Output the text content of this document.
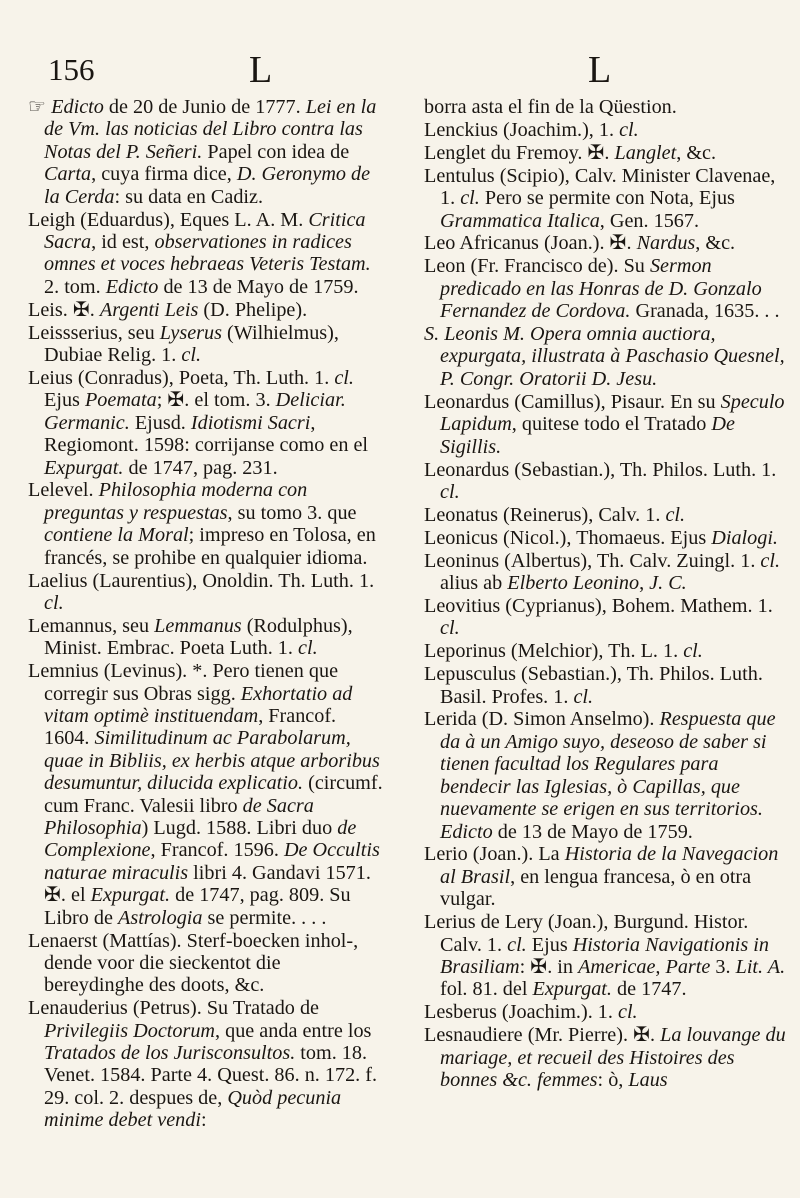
156	L	L

☞ Edicto de 20 de Junio de 1777. Lei en la de Vm. las noticias del Libro contra las Notas del P. Señeri. Papel con idea de Carta, cuya firma dice, D. Geronymo de la Cerda: su data en Cadiz.

Leigh (Eduardus), Eques L. A. M. Critica Sacra, id est, observationes in radices omnes et voces hebraeas Veteris Testam. 2. tom. Edicto de 13 de Mayo de 1759.

Leis. ✠. Argenti Leis (D. Phelipe).

Leissserius, seu Lyserus (Wilhielmus), Dubiae Relig. 1. cl.

Leius (Conradus), Poeta, Th. Luth. 1. cl. Ejus Poemata; ✠. el tom. 3. Deliciar. Germanic. Ejusd. Idiotismi Sacri, Regiomont. 1598: corrijanse como en el Expurgat. de 1747, pag. 231.

Lelevel. Philosophia moderna con preguntas y respuestas, su tomo 3. que contiene la Moral; impreso en Tolosa, en francés, se prohibe en qualquier idioma.

Laelius (Laurentius), Onoldin. Th. Luth. 1. cl.

Lemannus, seu Lemmanus (Rodulphus), Minist. Embrac. Poeta Luth. 1. cl.

Lemnius (Levinus). *. Pero tienen que corregir sus Obras sigg. Exhortatio ad vitam optimè instituendam, Francof. 1604. Similitudinum ac Parabolarum, quae in Bibliis, ex herbis atque arboribus desumuntur, dilucida explicatio. (circumf. cum Franc. Valesii libro de Sacra Philosophia) Lugd. 1588. Libri duo de Complexione, Francof. 1596. De Occultis naturae miraculis libri 4. Gandavi 1571. ✠. el Expurgat. de 1747, pag. 809. Su Libro de Astrologia se permite. . . .

Lenaerst (Mattías). Sterf-boecken inhol-, dende voor die sieckentot die bereydinghe des doots, &c.

Lenauderius (Petrus). Su Tratado de Privilegiis Doctorum, que anda entre los Tratados de los Jurisconsultos. tom. 18. Venet. 1584. Parte 4. Quest. 86. n. 172. f. 29. col. 2. despues de, Quòd pecunia minime debet vendi:

borra asta el fin de la Qüestion.

Lenckius (Joachim.), 1. cl.

Lenglet du Fremoy. ✠. Langlet, &c.

Lentulus (Scipio), Calv. Minister Clavenae, 1. cl. Pero se permite con Nota, Ejus Grammatica Italica, Gen. 1567.

Leo Africanus (Joan.). ✠. Nardus, &c.

Leon (Fr. Francisco de). Su Sermon predicado en las Honras de D. Gonzalo Fernandez de Cordova. Granada, 1635. . .

S. Leonis M. Opera omnia auctiora, expurgata, illustrata à Paschasio Quesnel, P. Congr. Oratorii D. Jesu.

Leonardus (Camillus), Pisaur. En su Speculo Lapidum, quitese todo el Tratado De Sigillis.

Leonardus (Sebastian.), Th. Philos. Luth. 1. cl.

Leonatus (Reinerus), Calv. 1. cl.

Leonicus (Nicol.), Thomaeus. Ejus Dialogi.

Leoninus (Albertus), Th. Calv. Zuingl. 1. cl. alius ab Elberto Leonino, J. C.

Leovitius (Cyprianus), Bohem. Mathem. 1. cl.

Leporinus (Melchior), Th. L. 1. cl.

Lepusculus (Sebastian.), Th. Philos. Luth. Basil. Profes. 1. cl.

Lerida (D. Simon Anselmo). Respuesta que da à un Amigo suyo, deseoso de saber si tienen facultad los Regulares para bendecir las Iglesias, ò Capillas, que nuevamente se erigen en sus territorios. Edicto de 13 de Mayo de 1759.

Lerio (Joan.). La Historia de la Navegacion al Brasil, en lengua francesa, ò en otra vulgar.

Lerius de Lery (Joan.), Burgund. Histor. Calv. 1. cl. Ejus Historia Navigationis in Brasiliam: ✠. in Americae, Parte 3. Lit. A. fol. 81. del Expurgat. de 1747.

Lesberus (Joachim.). 1. cl.

Lesnaudiere (Mr. Pierre). ✠. La louvange du mariage, et recueil des Histoires des bonnes &c. femmes: ò, Laus
